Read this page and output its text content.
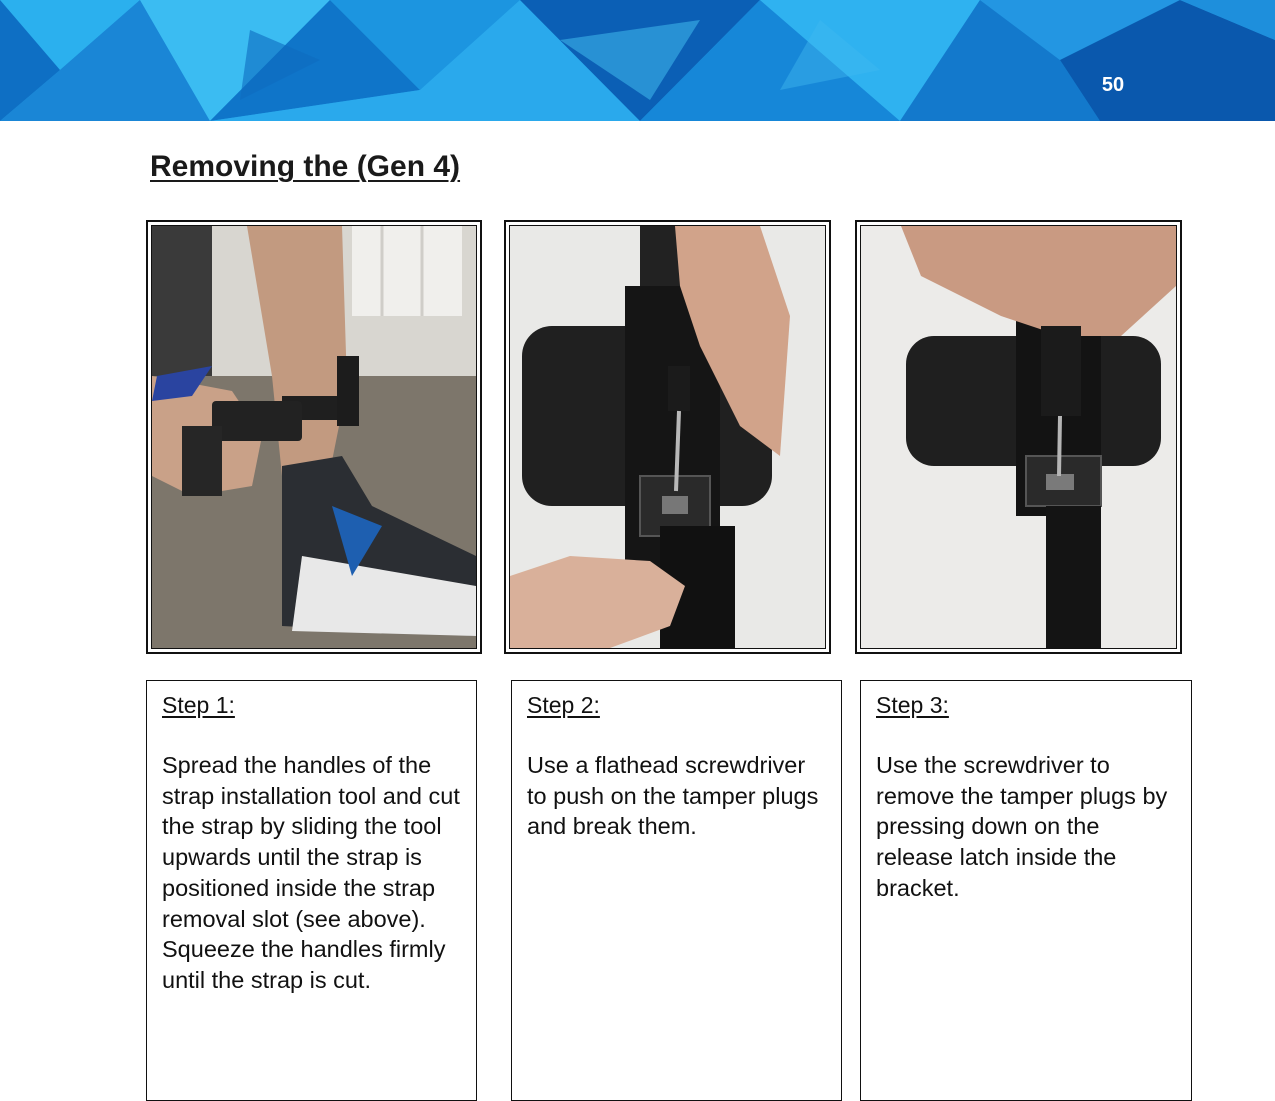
50
Removing the (Gen 4)

Step 1:

Spread the handles of the strap installation tool and cut the strap by sliding the tool upwards until the strap is positioned inside the strap removal slot (see above). Squeeze the handles firmly until the strap is cut.

Step 2:

Use a flathead screwdriver to push on the tamper plugs and break them.

Step 3:

Use the screwdriver to remove the tamper plugs by pressing down on the release latch inside the bracket.
